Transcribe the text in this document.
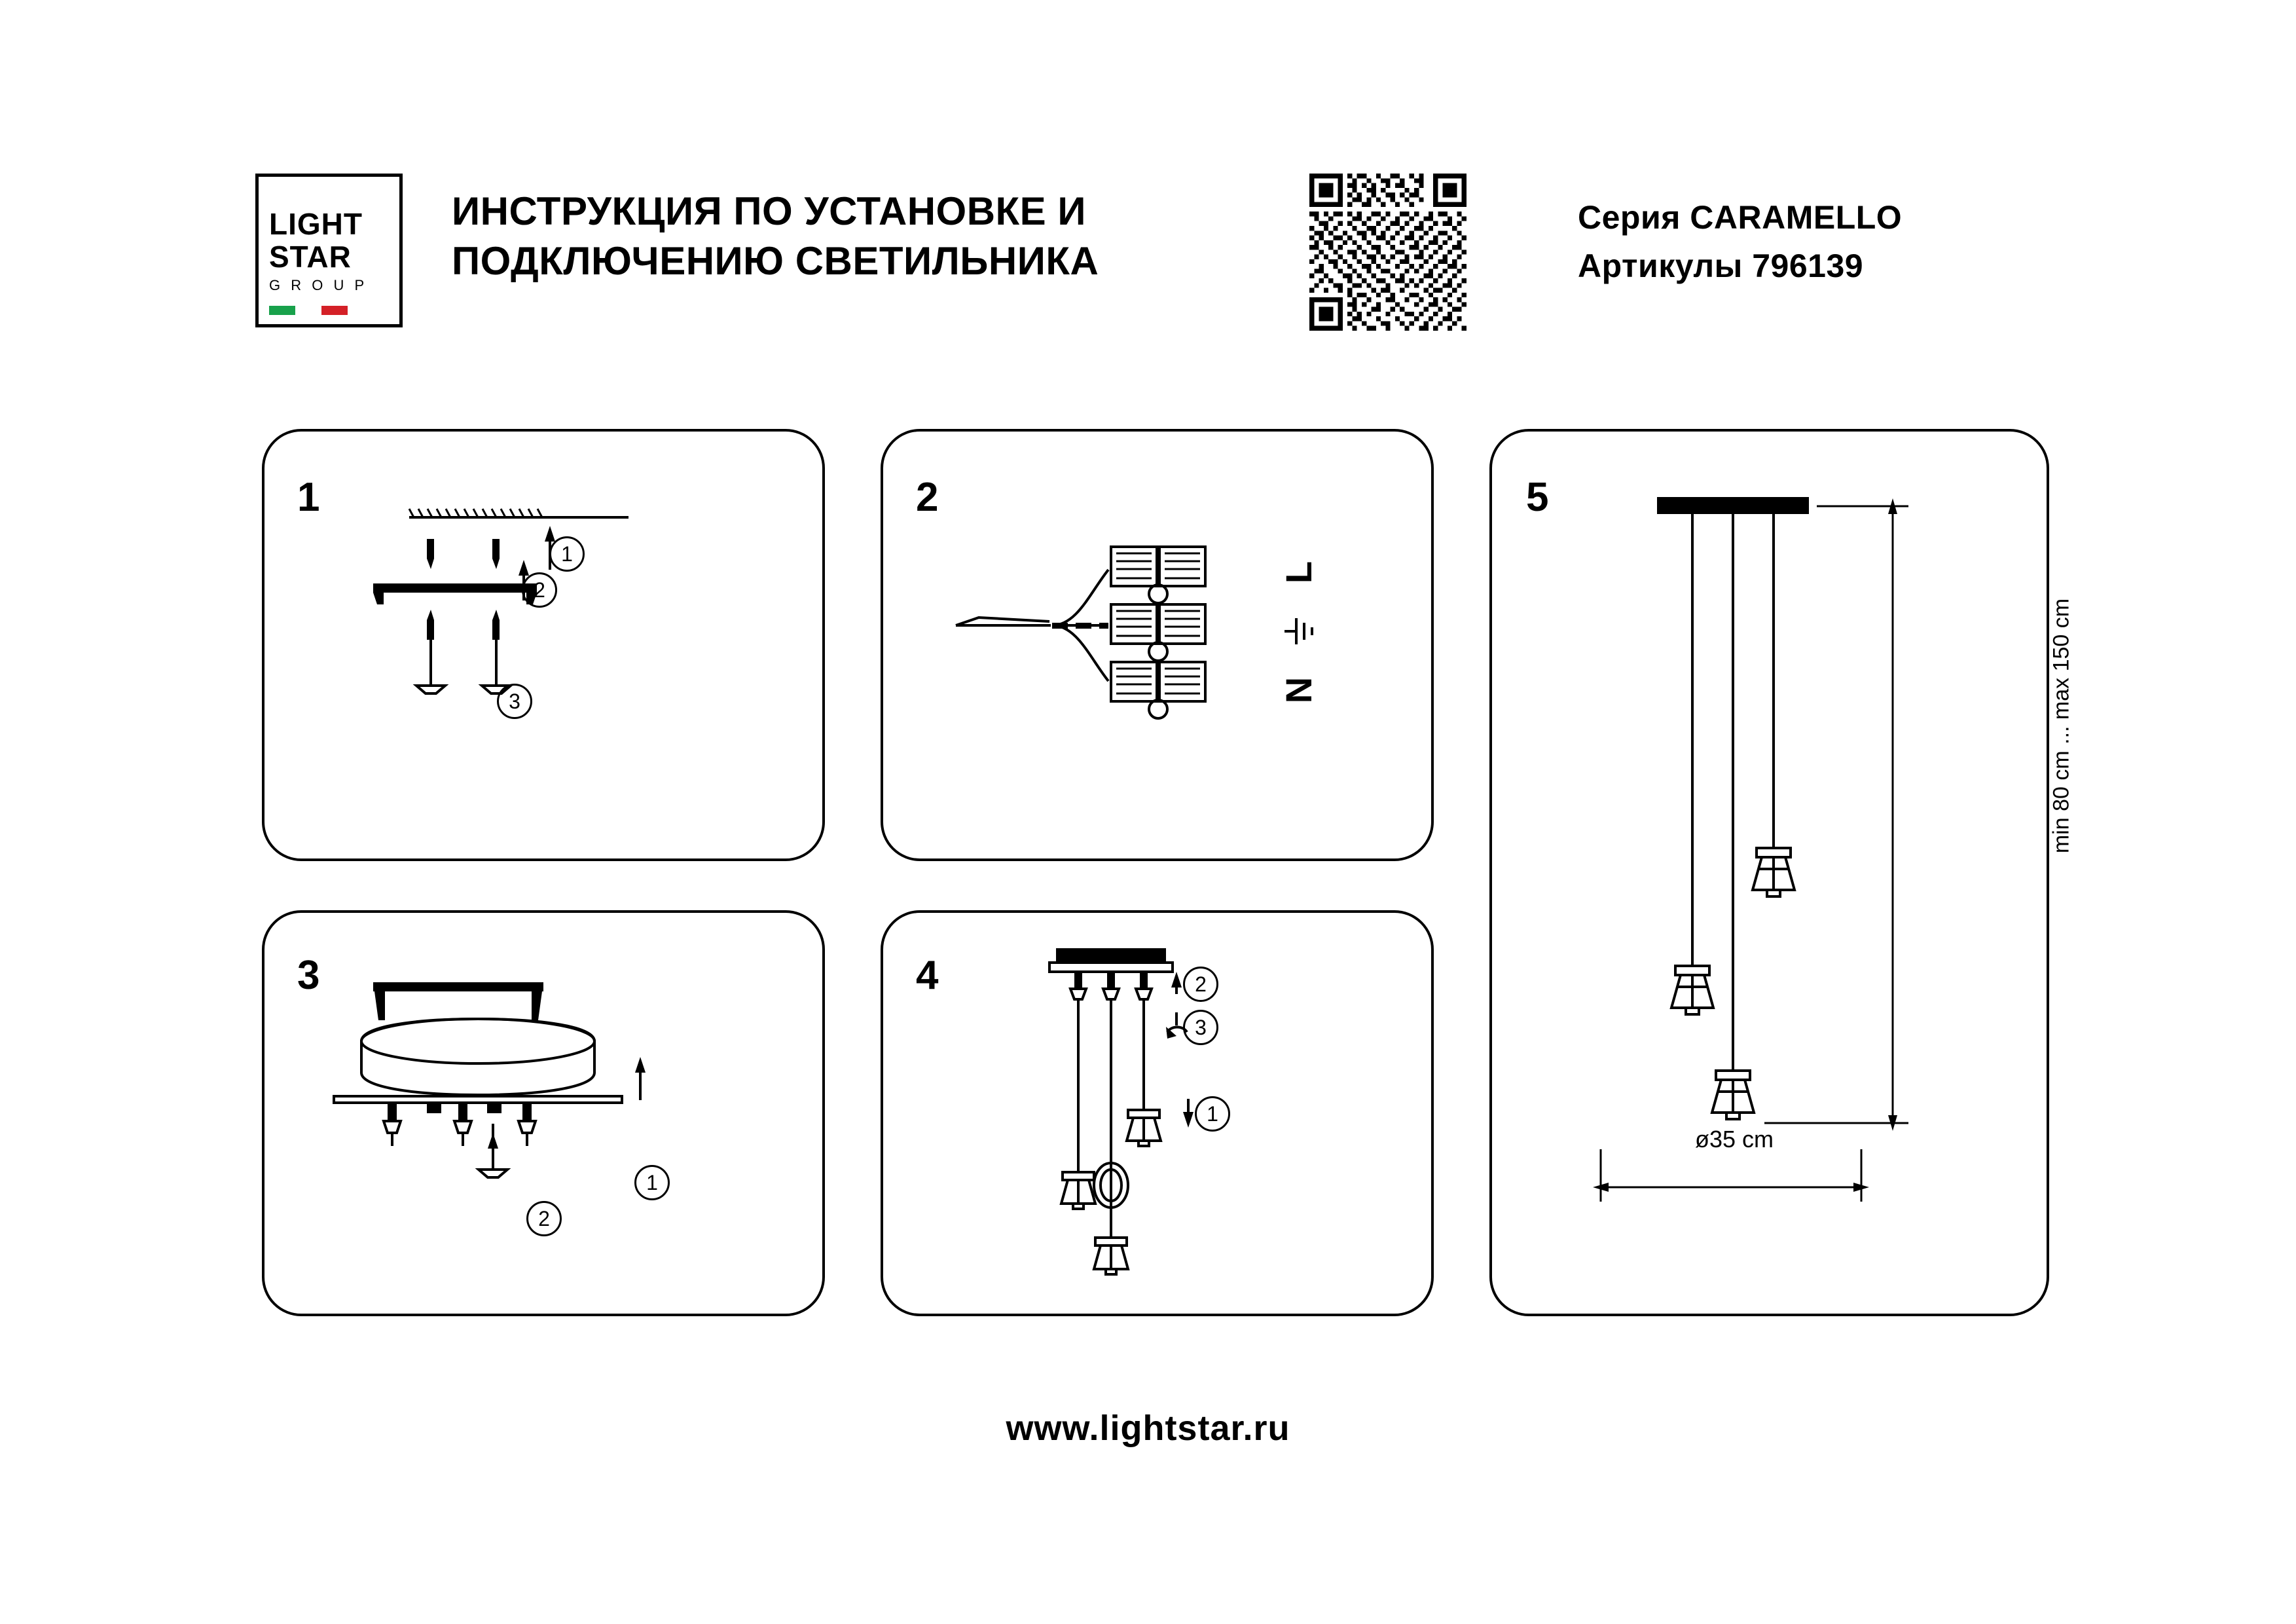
LIGHT
STAR
G R O U P
ИНСТРУКЦИЯ ПО УСТАНОВКЕ И
ПОДКЛЮЧЕНИЮ СВЕТИЛЬНИКА
Серия CARAMELLO
Артикулы 796139
1
1
2
3
2
L
N
3
1
2
4	2
3
1
5
min 80 cm ... max 150 cm
ø35 cm
www.lightstar.ru
